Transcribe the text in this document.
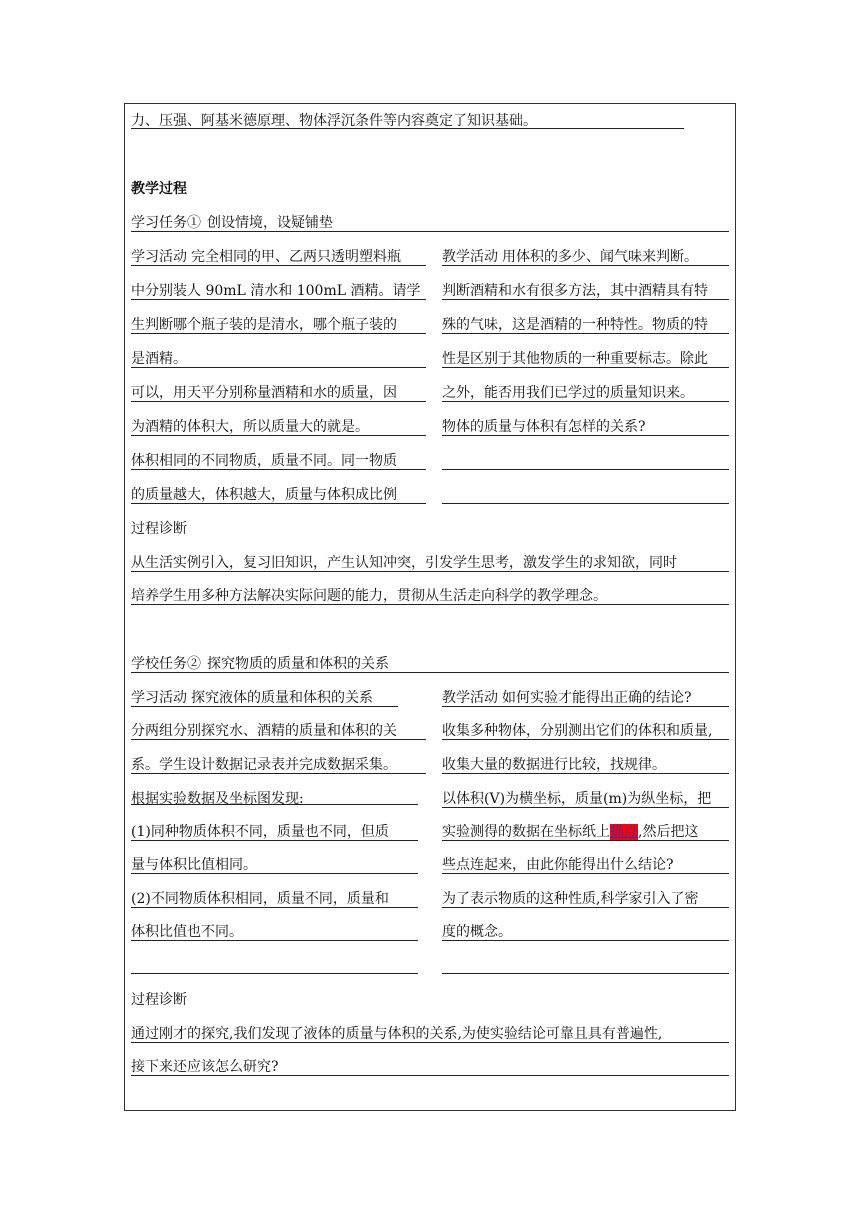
力、压强、阿基米德原理、物体浮沉条件等内容奠定了知识基础。
教学过程
学习任务① 创设情境，设疑铺垫
学习活动 完全相同的甲、乙两只透明塑料瓶
中分别装人 90mL 清水和 100mL 酒精。请学
生判断哪个瓶子装的是清水，哪个瓶子装的
是酒精。
可以，用天平分别称量酒精和水的质量，因
为酒精的体积大，所以质量大的就是。
体积相同的不同物质，质量不同。同一物质
的质量越大，体积越大，质量与体积成比例
教学活动 用体积的多少、闻气味来判断。
判断酒精和水有很多方法，其中酒精具有特
殊的气味，这是酒精的一种特性。物质的特
性是区别于其他物质的一种重要标志。除此
之外，能否用我们已学过的质量知识来。
物体的质量与体积有怎样的关系?
过程诊断
从生活实例引入，复习旧知识，产生认知冲突，引发学生思考，激发学生的求知欲，同时
培养学生用多种方法解决实际问题的能力，贯彻从生活走向科学的教学理念。
学校任务② 探究物质的质量和体积的关系
学习活动 探究液体的质量和体积的关系
分两组分别探究水、酒精的质量和体积的关
系。学生设计数据记录表并完成数据采集。
根据实验数据及坐标图发现:
(1)同种物质体积不同，质量也不同，但质
量与体积比值相同。
(2)不同物质体积相同，质量不同，质量和
体积比值也不同。
教学活动 如何实验才能得出正确的结论?
收集多种物体，分别测出它们的体积和质量,
收集大量的数据进行比较，找规律。
以体积(V)为横坐标，质量(m)为纵坐标，把
实验测得的数据在坐标纸上描点,然后把这
些点连起来，由此你能得出什么结论?
为了表示物质的这种性质,科学家引入了密
度的概念。
过程诊断
通过刚才的探究,我们发现了液体的质量与体积的关系,为使实验结论可靠且具有普遍性,
接下来还应该怎么研究?
